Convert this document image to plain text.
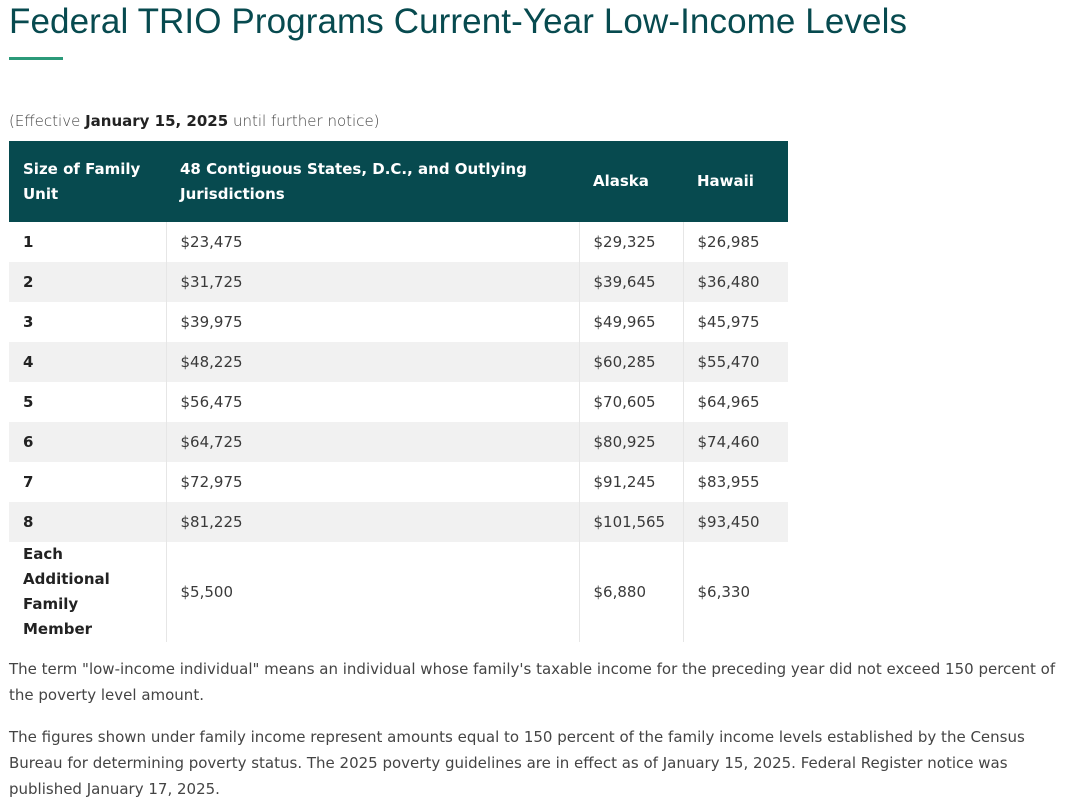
Federal TRIO Programs Current-Year Low-Income Levels
(Effective January 15, 2025 until further notice)
Size of Family Unit	48 Contiguous States, D.C., and Outlying Jurisdictions	Alaska	Hawaii
1	$23,475	$29,325	$26,985
2	$31,725	$39,645	$36,480
3	$39,975	$49,965	$45,975
4	$48,225	$60,285	$55,470
5	$56,475	$70,605	$64,965
6	$64,725	$80,925	$74,460
7	$72,975	$91,245	$83,955
8	$81,225	$101,565	$93,450
Each Additional Family Member	$5,500	$6,880	$6,330

The term "low-income individual" means an individual whose family's taxable income for the preceding year did not exceed 150 percent of the poverty level amount.

The figures shown under family income represent amounts equal to 150 percent of the family income levels established by the Census Bureau for determining poverty status. The 2025 poverty guidelines are in effect as of January 15, 2025. Federal Register notice was published January 17, 2025.
